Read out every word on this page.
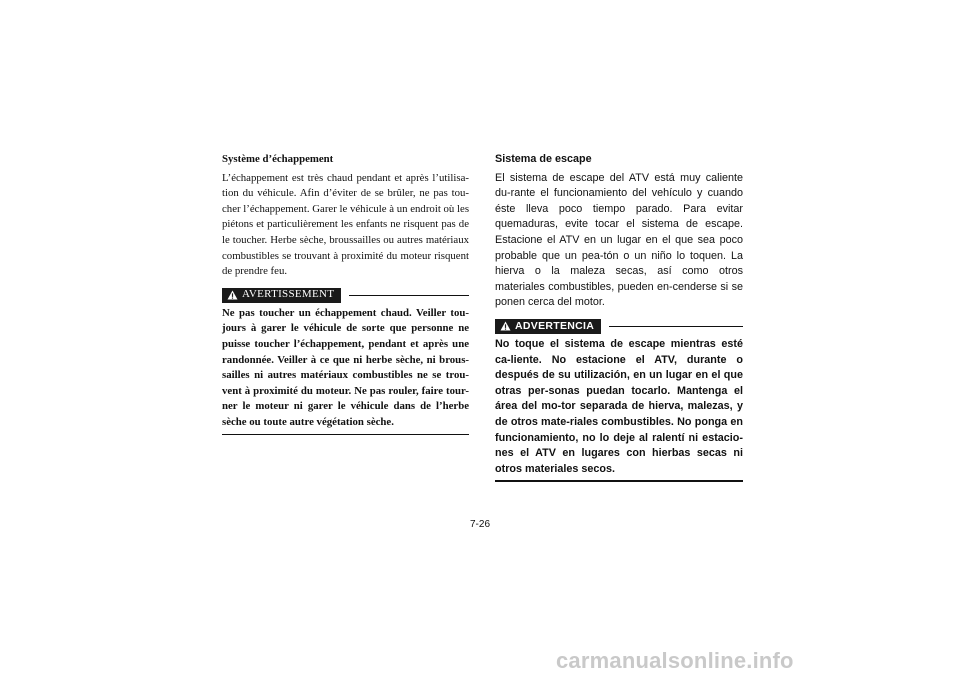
Système d’échappement

L’échappement est très chaud pendant et après l’utilisa-tion du véhicule. Afin d’éviter de se brûler, ne pas tou-cher l’échappement. Garer le véhicule à un endroit où les piétons et particulièrement les enfants ne risquent pas de le toucher. Herbe sèche, broussailles ou autres matériaux combustibles se trouvant à proximité du moteur risquent de prendre feu.

AVERTISSEMENT

Ne pas toucher un échappement chaud. Veiller tou-jours à garer le véhicule de sorte que personne ne puisse toucher l’échappement, pendant et après une randonnée. Veiller à ce que ni herbe sèche, ni brous-sailles ni autres matériaux combustibles ne se trou-vent à proximité du moteur. Ne pas rouler, faire tour-ner le moteur ni garer le véhicule dans de l’herbe sèche ou toute autre végétation sèche.

Sistema de escape

El sistema de escape del ATV está muy caliente du-rante el funcionamiento del vehículo y cuando éste lleva poco tiempo parado. Para evitar quemaduras, evite tocar el sistema de escape. Estacione el ATV en un lugar en el que sea poco probable que un pea-tón o un niño lo toquen. La hierva o la maleza secas, así como otros materiales combustibles, pueden en-cenderse si se ponen cerca del motor.

ADVERTENCIA

No toque el sistema de escape mientras esté ca-liente. No estacione el ATV, durante o después de su utilización, en un lugar en el que otras per-sonas puedan tocarlo. Mantenga el área del mo-tor separada de hierva, malezas, y de otros mate-riales combustibles. No ponga en funcionamiento, no lo deje al ralentí ni estacio-nes el ATV en lugares con hierbas secas ni otros materiales secos.

7-26
carmanualsonline.info
